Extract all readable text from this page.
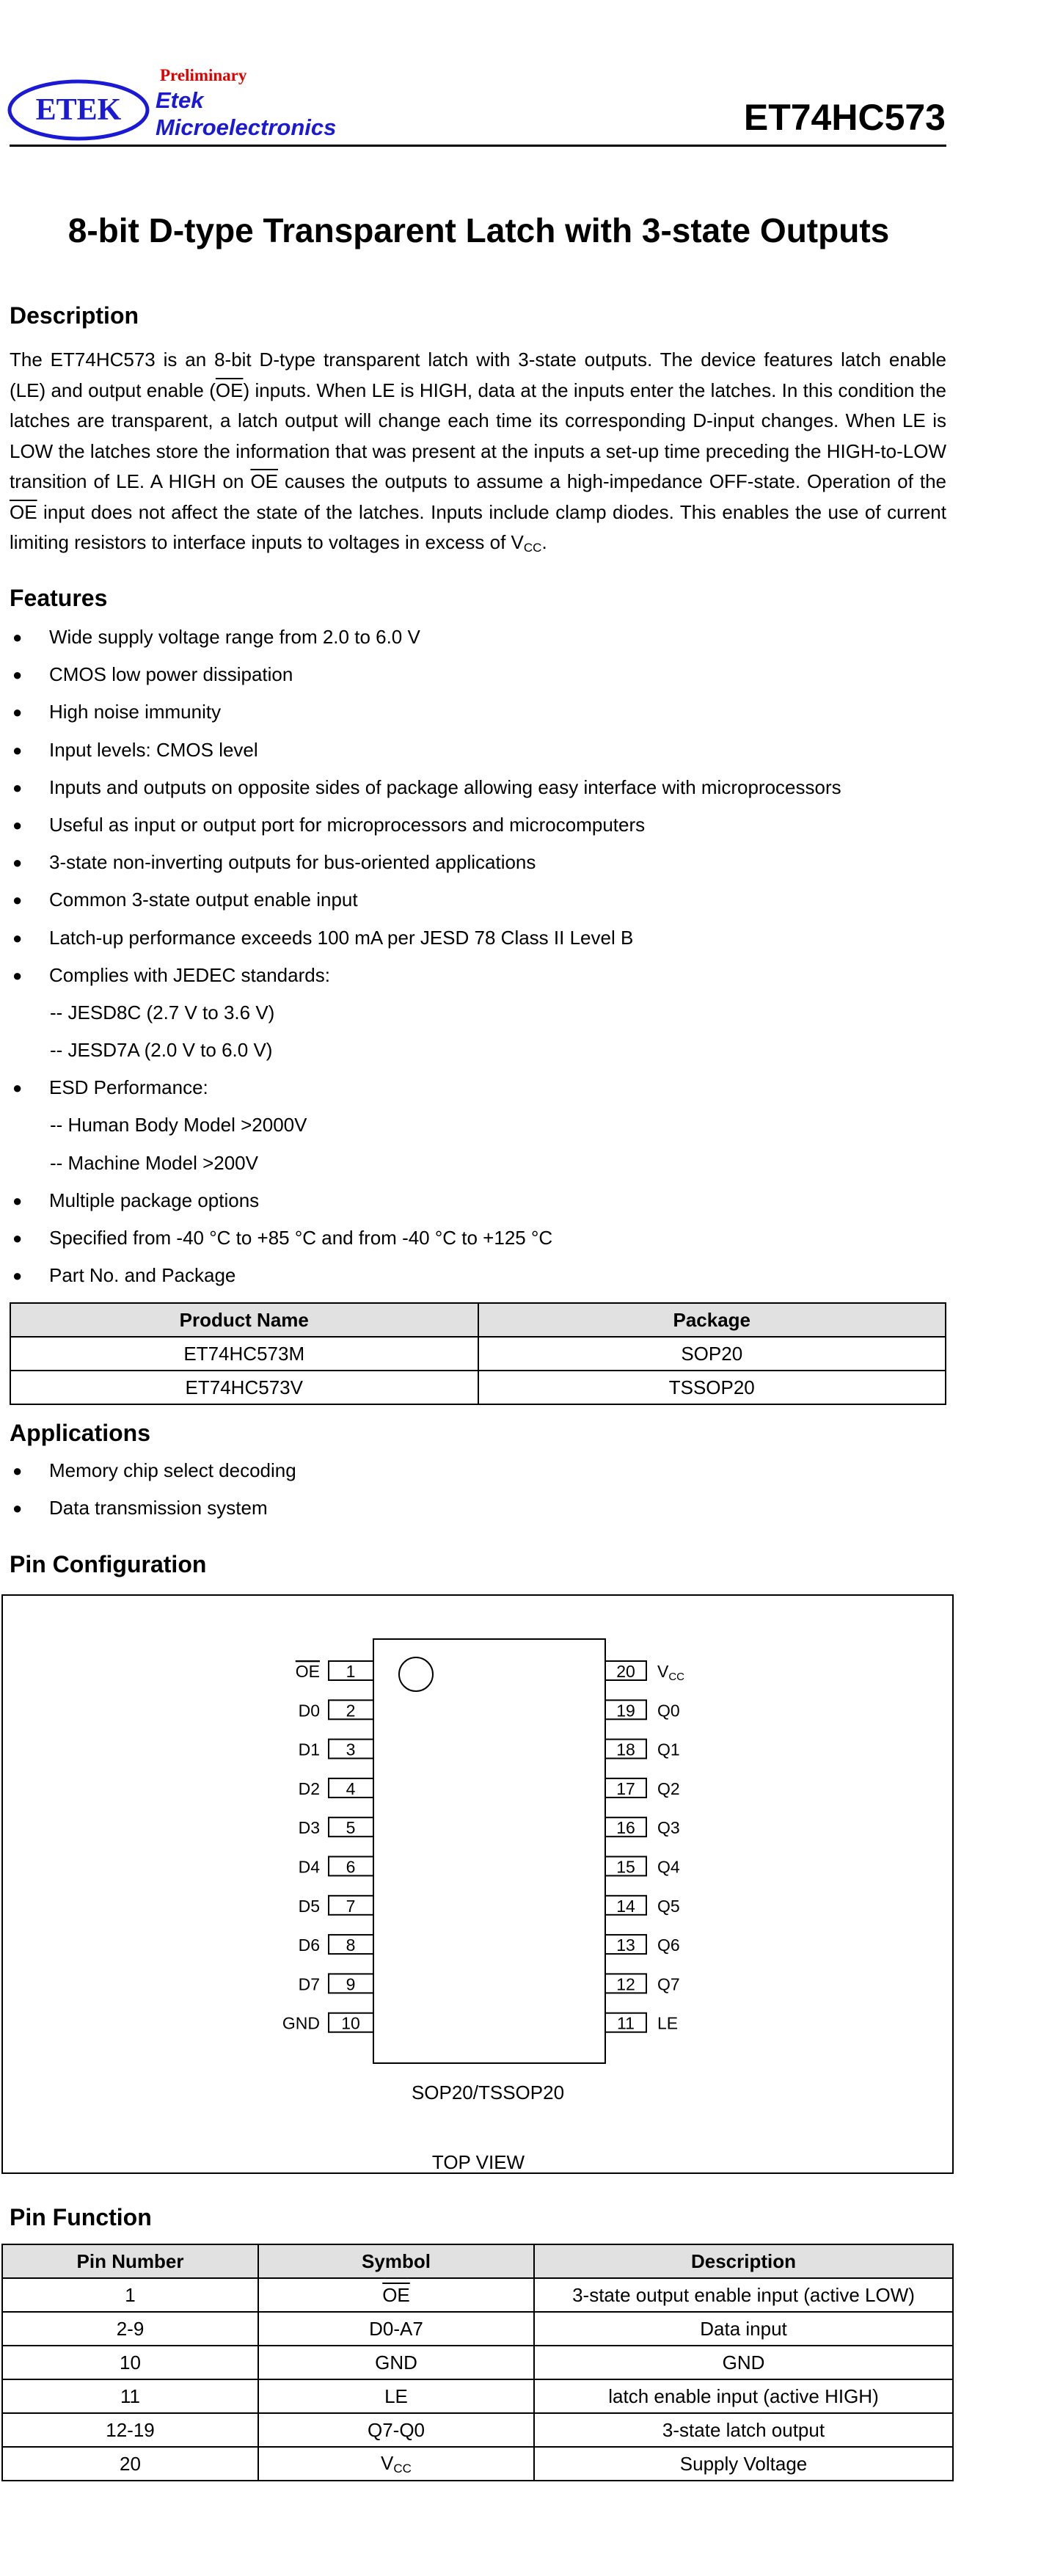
ETEK
Preliminary
Etek
Microelectronics	ET74HC573
8-bit D-type Transparent Latch with 3-state Outputs
Description
The ET74HC573 is an 8-bit D-type transparent latch with 3-state outputs. The device features latch enable (LE) and output enable $(\overline{OE})$ inputs. When LE is HIGH, data at the inputs enter the latches. In this condition the latches are transparent, a latch output will change each time its corresponding D-input changes. When LE is LOW the latches store the information that was present at the inputs a set-up time preceding the HIGH-to-LOW transition of LE. A HIGH on $\overline{OE}$ causes the outputs to assume a high-impedance OFF-state. Operation of the $\overline{OE}$ input does not affect the state of the latches. Inputs include clamp diodes. This enables the use of current limiting resistors to interface inputs to voltages in excess of $V_{CC}$.
Features
● Wide supply voltage range from 2.0 to 6.0 V
● CMOS low power dissipation
● High noise immunity
● Input levels: CMOS level
● Inputs and outputs on opposite sides of package allowing easy interface with microprocessors
● Useful as input or output port for microprocessors and microcomputers
● 3-state non-inverting outputs for bus-oriented applications
● Common 3-state output enable input
● Latch-up performance exceeds 100 mA per JESD 78 Class II Level B
● Complies with JEDEC standards:
-- JESD8C (2.7 V to 3.6 V)
-- JESD7A (2.0 V to 6.0 V)
● ESD Performance:
-- Human Body Model >2000V
-- Machine Model >200V
● Multiple package options
● Specified from -40 °C to +85 °C and from -40 °C to +125 °C
● Part No. and Package
Product Name	Package
ET74HC573M	SOP20
ET74HC573V	TSSOP20
Applications
● Memory chip select decoding
● Data transmission system
Pin Configuration
1
OE
2
D0
3
D1
4
D2
5
D3
6
D4
7
D5
8
D6
9
D7
10
GND
20 VCC
19 Q0
18 Q1
17 Q2
16 Q3
15 Q4
14 Q5
13 Q6
12 Q7
11 LE
SOP20/TSSOP20
TOP VIEW
Pin Function
Pin Number	Symbol	Description
1	$\overline{OE}$	3-state output enable input (active LOW)
2-9	D0-A7	Data input
10	GND	GND
11	LE	latch enable input (active HIGH)
12-19	Q7-Q0	3-state latch output
20	$V_{CC}$	Supply Voltage
